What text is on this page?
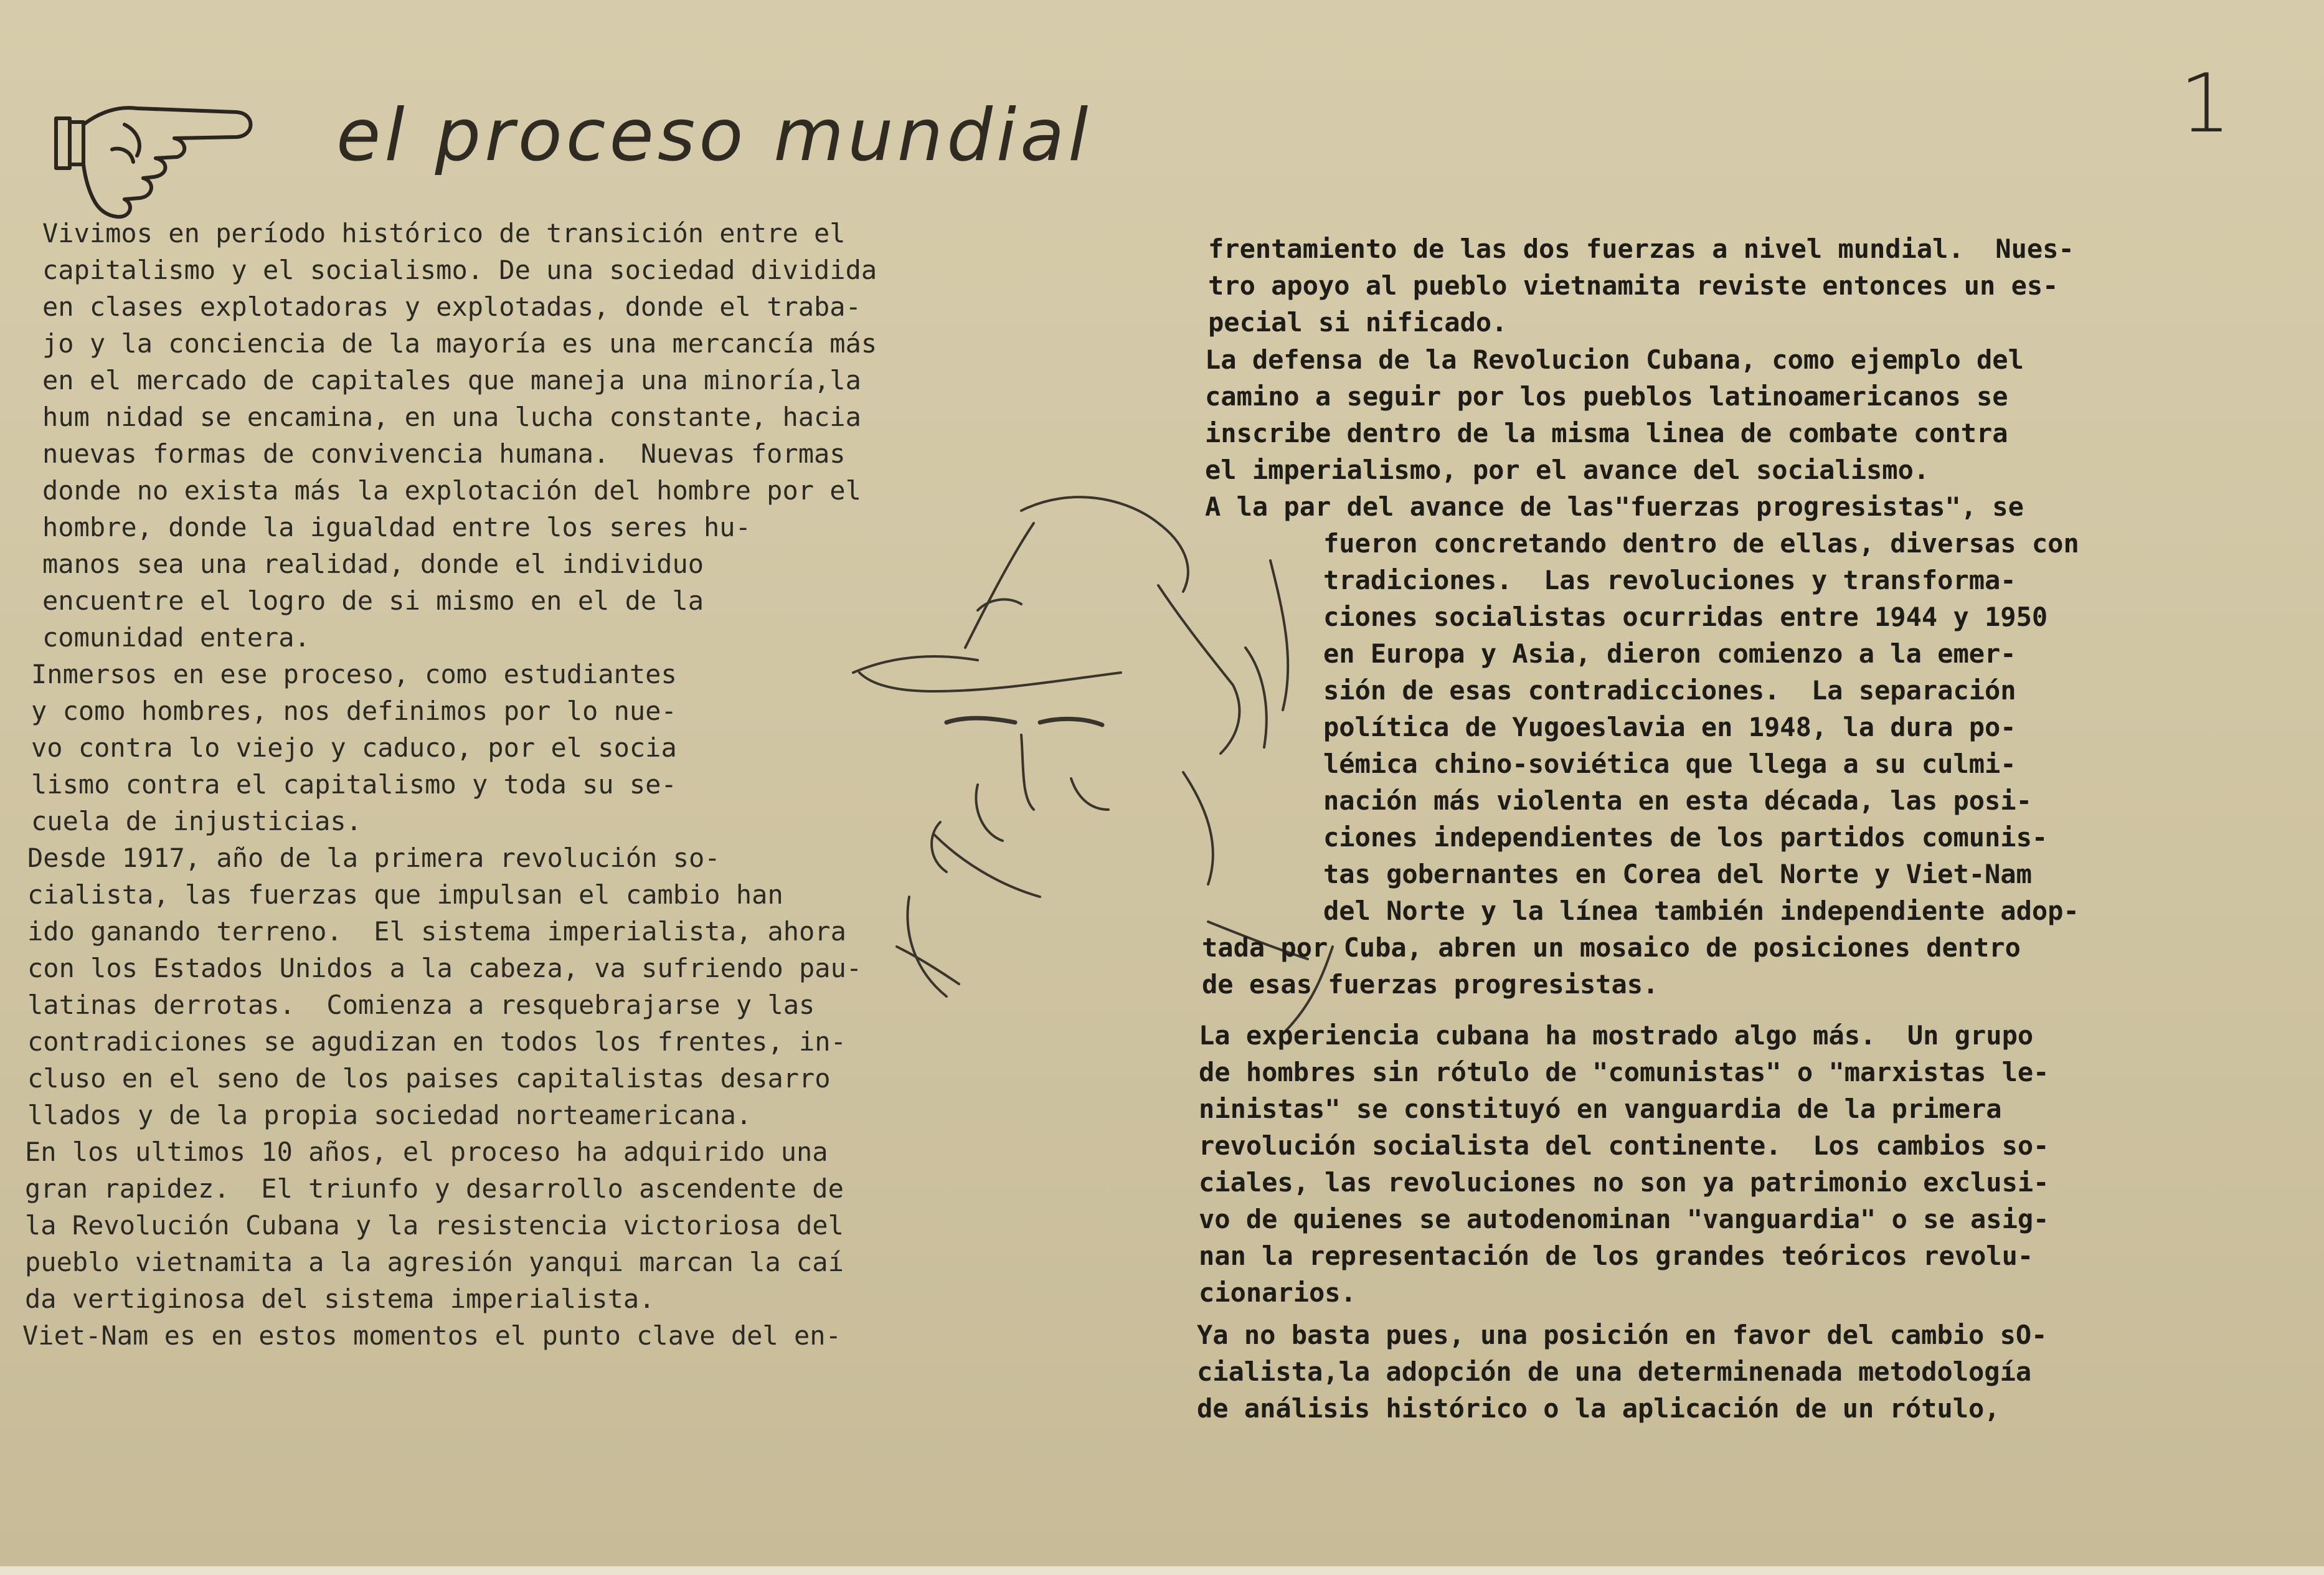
el proceso mundial	1
Vivimos en período histórico de transición entre el
capitalismo y el socialismo. De una sociedad dividida
en clases explotadoras y explotadas, donde el traba-
jo y la conciencia de la mayoría es una mercancía más
en el mercado de capitales que maneja una minoría,la
hum nidad se encamina, en una lucha constante, hacia
nuevas formas de convivencia humana.  Nuevas formas
donde no exista más la explotación del hombre por el
hombre, donde la igualdad entre los seres hu-
manos sea una realidad, donde el individuo
encuentre el logro de si mismo en el de la
comunidad entera.
Inmersos en ese proceso, como estudiantes
y como hombres, nos definimos por lo nue-
vo contra lo viejo y caduco, por el socia
lismo contra el capitalismo y toda su se-
cuela de injusticias.
Desde 1917, año de la primera revolución so-
cialista, las fuerzas que impulsan el cambio han
ido ganando terreno.  El sistema imperialista, ahora
con los Estados Unidos a la cabeza, va sufriendo pau-
latinas derrotas.  Comienza a resquebrajarse y las
contradiciones se agudizan en todos los frentes, in-
cluso en el seno de los paises capitalistas desarro
llados y de la propia sociedad norteamericana.
En los ultimos 10 años, el proceso ha adquirido una
gran rapidez.  El triunfo y desarrollo ascendente de
la Revolución Cubana y la resistencia victoriosa del
pueblo vietnamita a la agresión yanqui marcan la caí
da vertiginosa del sistema imperialista.
Viet-Nam es en estos momentos el punto clave del en-
frentamiento de las dos fuerzas a nivel mundial.  Nues-
tro apoyo al pueblo vietnamita reviste entonces un es-
pecial si nificado.
La defensa de la Revolucion Cubana, como ejemplo del
camino a seguir por los pueblos latinoamericanos se
inscribe dentro de la misma linea de combate contra
el imperialismo, por el avance del socialismo.
A la par del avance de las"fuerzas progresistas", se
fueron concretando dentro de ellas, diversas con
tradiciones.  Las revoluciones y transforma-
ciones socialistas ocurridas entre 1944 y 1950
en Europa y Asia, dieron comienzo a la emer-
sión de esas contradicciones.  La separación
política de Yugoeslavia en 1948, la dura po-
lémica chino-soviética que llega a su culmi-
nación más violenta en esta década, las posi-
ciones independientes de los partidos comunis-
tas gobernantes en Corea del Norte y Viet-Nam
del Norte y la línea también independiente adop-
tada por Cuba, abren un mosaico de posiciones dentro
de esas fuerzas progresistas.
La experiencia cubana ha mostrado algo más.  Un grupo
de hombres sin rótulo de "comunistas" o "marxistas le-
ninistas" se constituyó en vanguardia de la primera
revolución socialista del continente.  Los cambios so-
ciales, las revoluciones no son ya patrimonio exclusi-
vo de quienes se autodenominan "vanguardia" o se asig-
nan la representación de los grandes teóricos revolu-
cionarios.
Ya no basta pues, una posición en favor del cambio sO-
cialista,la adopción de una determinenada metodología
de análisis histórico o la aplicación de un rótulo,
